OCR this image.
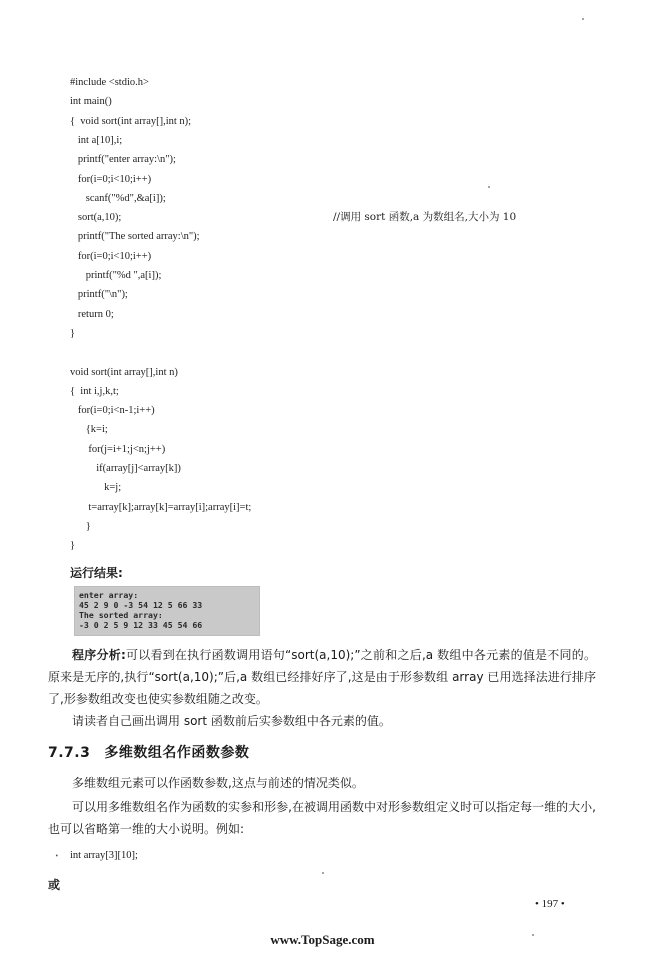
#include <stdio.h>
int main()
{  void sort(int array[],int n);
int a[10],i;
printf("enter array:\n");
for(i=0;i<10;i++)
scanf("%d",&a[i]);
sort(a,10);
printf("The sorted array:\n");
for(i=0;i<10;i++)
printf("%d ",a[i]);
printf("\n");
return 0;
}
void sort(int array[],int n)
{  int i,j,k,t;
for(i=0;i<n-1;i++)
{k=i;
for(j=i+1;j<n;j++)
if(array[j]<array[k])
k=j;
t=array[k];array[k]=array[i];array[i]=t;
}
}
//调用 sort 函数,a 为数组名,大小为 10
运行结果:
enter array:
45 2 9 0 -3 54 12 5 66 33
The sorted array:
-3 0 2 5 9 12 33 45 54 66
程序分析:可以看到在执行函数调用语句“sort(a,10);”之前和之后,a 数组中各元素的值是不同的。原来是无序的,执行“sort(a,10);”后,a 数组已经排好序了,这是由于形参数组 array 已用选择法进行排序了,形参数组改变也使实参数组随之改变。
请读者自己画出调用 sort 函数前后实参数组中各元素的值。
7.7.3 多维数组名作函数参数
多维数组元素可以作函数参数,这点与前述的情况类似。
可以用多维数组名作为函数的实参和形参,在被调用函数中对形参数组定义时可以指定每一维的大小,也可以省略第一维的大小说明。例如:
• int array[3][10];
或
• 197 •
www.TopSage.com
